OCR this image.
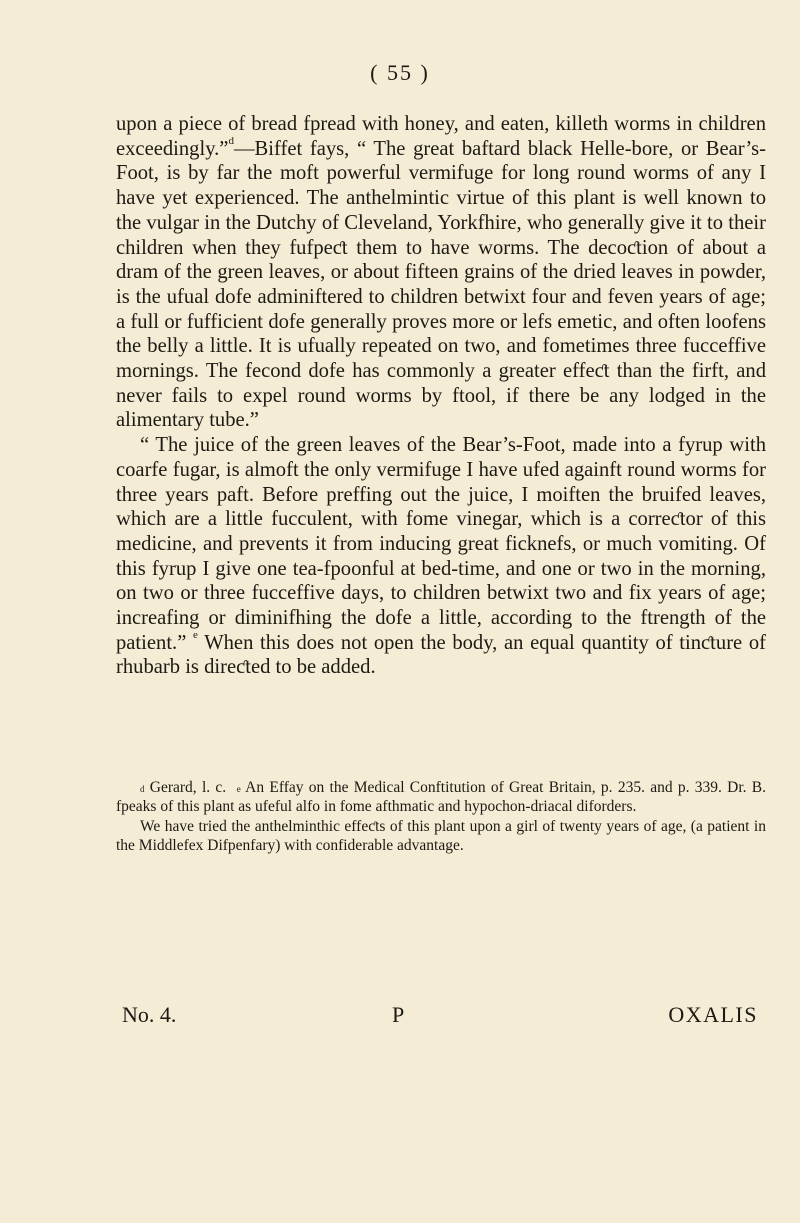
( 55 )

upon a piece of bread fpread with honey, and eaten, killeth worms in children exceedingly.”$^d$—Biffet fays, “ The great baftard black Helle-bore, or Bear’s-Foot, is by far the moft powerful vermifuge for long round worms of any I have yet experienced. The anthelmintic virtue of this plant is well known to the vulgar in the Dutchy of Cleveland, Yorkfhire, who generally give it to their children when they fufpeƈt them to have worms. The decoƈtion of about a dram of the green leaves, or about fifteen grains of the dried leaves in powder, is the ufual dofe adminiftered to children betwixt four and feven years of age; a full or fufficient dofe generally proves more or lefs emetic, and often loofens the belly a little. It is ufually repeated on two, and fometimes three fucceffive mornings. The fecond dofe has commonly a greater effeƈt than the firft, and never fails to expel round worms by ftool, if there be any lodged in the alimentary tube.”

“ The juice of the green leaves of the Bear’s-Foot, made into a fyrup with coarfe fugar, is almoft the only vermifuge I have ufed againft round worms for three years paft. Before preffing out the juice, I moiften the bruifed leaves, which are a little fucculent, with fome vinegar, which is a correƈtor of this medicine, and prevents it from inducing great ficknefs, or much vomiting. Of this fyrup I give one tea-fpoonful at bed-time, and one or two in the morning, on two or three fucceffive days, to children betwixt two and fix years of age; increafing or diminifhing the dofe a little, according to the ftrength of the patient.” $^e$ When this does not open the body, an equal quantity of tinƈture of rhubarb is direƈted to be added.

$^d$ Gerard, l. c. $^e$ An Effay on the Medical Conftitution of Great Britain, p. 235. and p. 339. Dr. B. fpeaks of this plant as ufeful alfo in fome afthmatic and hypochon-driacal diforders.

We have tried the anthelminthic effeƈts of this plant upon a girl of twenty years of age, (a patient in the Middlefex Difpenfary) with confiderable advantage.

No. 4.	P	OXALIS
